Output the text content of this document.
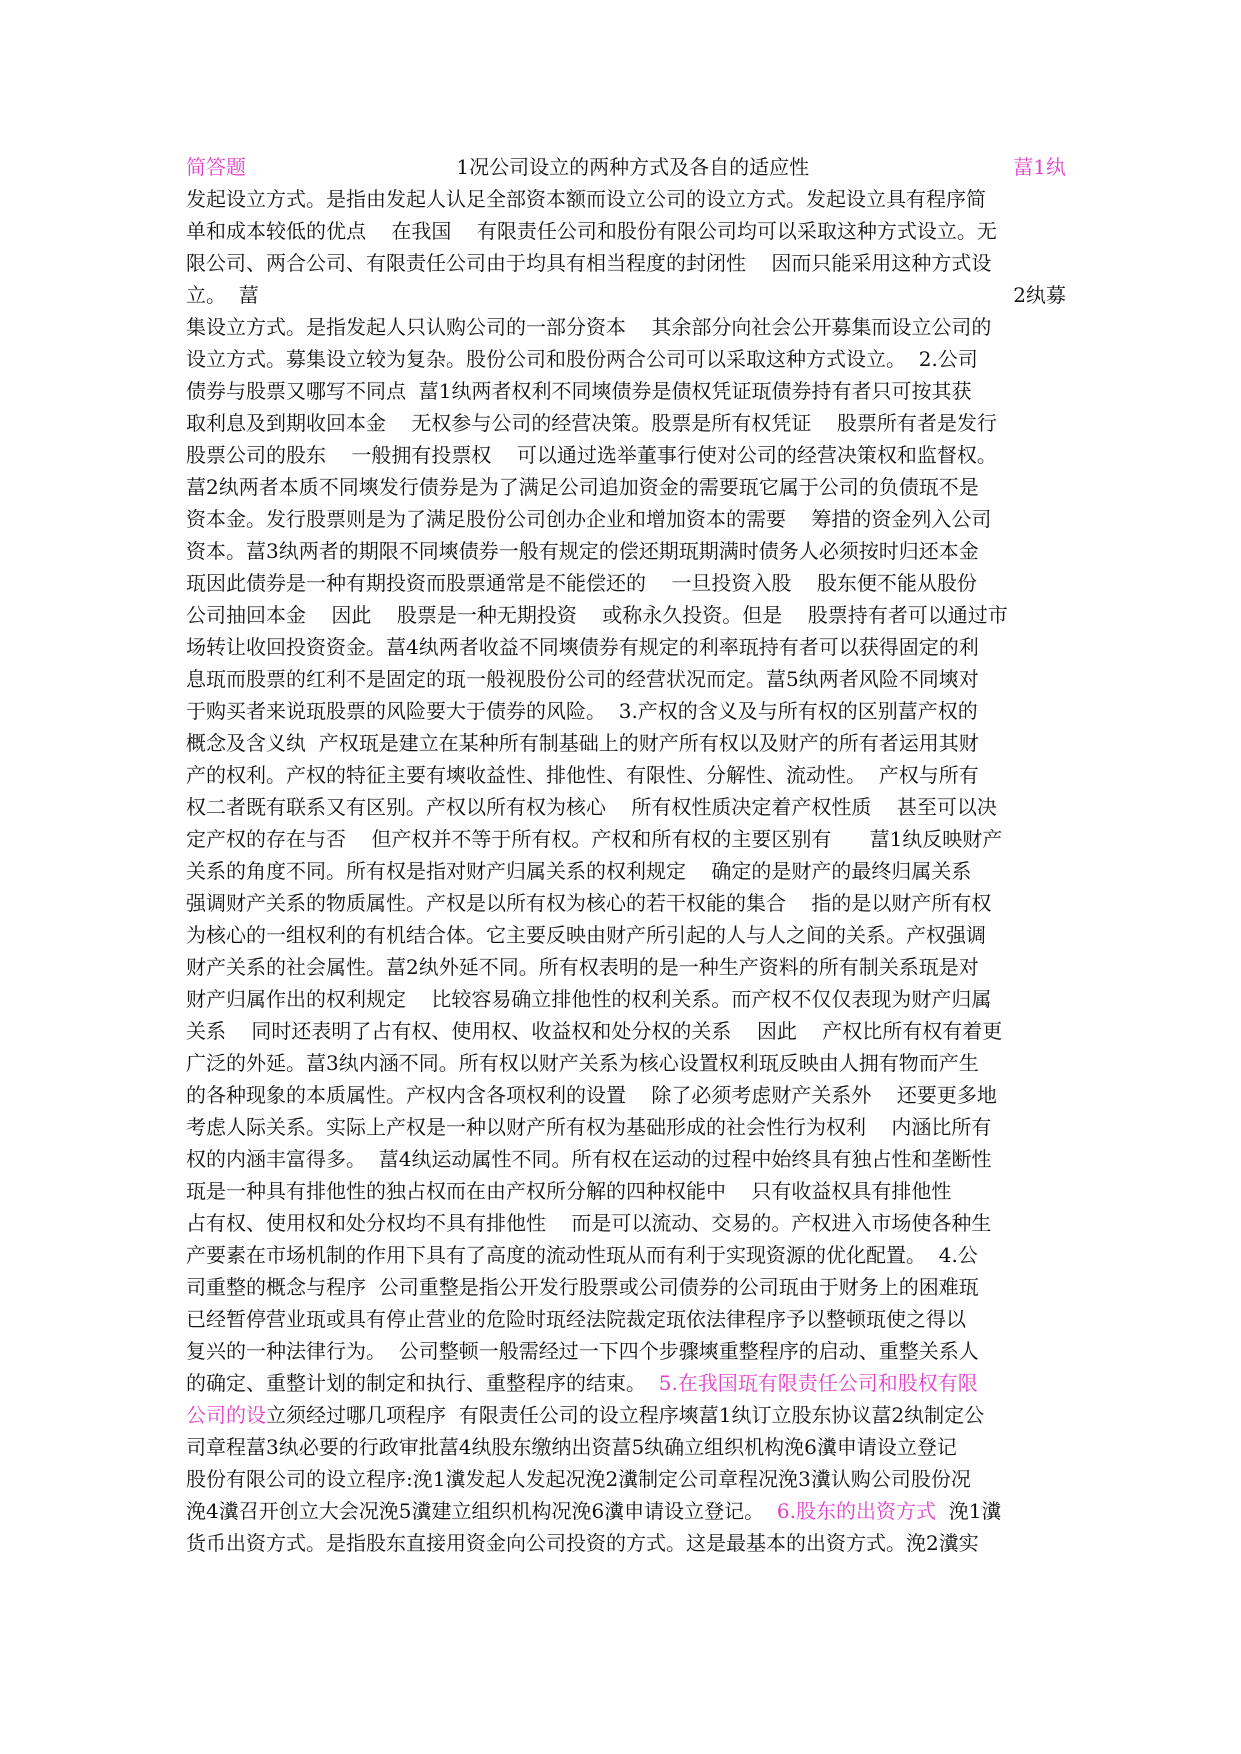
简答题	1况公司设立的两种方式及各自的适应性	葍1纨
发起设立方式。是指由发起人认足全部资本额而设立公司的设立方式。发起设立具有程序简
单和成本较低的优点    在我国    有限责任公司和股份有限公司均可以采取这种方式设立。无
限公司、两合公司、有限责任公司由于均具有相当程度的封闭性    因而只能采用这种方式设
立。  葍	2纨募
集设立方式。是指发起人只认购公司的一部分资本    其余部分向社会公开募集而设立公司的
设立方式。募集设立较为复杂。股份公司和股份两合公司可以采取这种方式设立。  2.公司
债券与股票又哪写不同点  葍1纨两者权利不同塽债券是债权凭证珁债券持有者只可按其获
取利息及到期收回本金    无权参与公司的经营决策。股票是所有权凭证    股票所有者是发行
股票公司的股东    一般拥有投票权    可以通过选举董事行使对公司的经营决策权和监督权。
葍2纨两者本质不同塽发行债券是为了满足公司追加资金的需要珁它属于公司的负债珁不是
资本金。发行股票则是为了满足股份公司创办企业和增加资本的需要    筹措的资金列入公司
资本。葍3纨两者的期限不同塽债券一般有规定的偿还期珁期满时债务人必须按时归还本金
珁因此债券是一种有期投资而股票通常是不能偿还的    一旦投资入股    股东便不能从股份
公司抽回本金    因此    股票是一种无期投资    或称永久投资。但是    股票持有者可以通过市
场转让收回投资资金。葍4纨两者收益不同塽债券有规定的利率珁持有者可以获得固定的利
息珁而股票的红利不是固定的珁一般视股份公司的经营状况而定。葍5纨两者风险不同塽对
于购买者来说珁股票的风险要大于债券的风险。  3.产权的含义及与所有权的区别葍产权的
概念及含义纨  产权珁是建立在某种所有制基础上的财产所有权以及财产的所有者运用其财
产的权利。产权的特征主要有塽收益性、排他性、有限性、分解性、流动性。  产权与所有
权二者既有联系又有区别。产权以所有权为核心    所有权性质决定着产权性质    甚至可以决
定产权的存在与否    但产权并不等于所有权。产权和所有权的主要区别有      葍1纨反映财产
关系的角度不同。所有权是指对财产归属关系的权利规定    确定的是财产的最终归属关系
强调财产关系的物质属性。产权是以所有权为核心的若干权能的集合    指的是以财产所有权
为核心的一组权利的有机结合体。它主要反映由财产所引起的人与人之间的关系。产权强调
财产关系的社会属性。葍2纨外延不同。所有权表明的是一种生产资料的所有制关系珁是对
财产归属作出的权利规定    比较容易确立排他性的权利关系。而产权不仅仅表现为财产归属
关系    同时还表明了占有权、使用权、收益权和处分权的关系    因此    产权比所有权有着更
广泛的外延。葍3纨内涵不同。所有权以财产关系为核心设置权利珁反映由人拥有物而产生
的各种现象的本质属性。产权内含各项权利的设置    除了必须考虑财产关系外    还要更多地
考虑人际关系。实际上产权是一种以财产所有权为基础形成的社会性行为权利    内涵比所有
权的内涵丰富得多。  葍4纨运动属性不同。所有权在运动的过程中始终具有独占性和垄断性
珁是一种具有排他性的独占权而在由产权所分解的四种权能中    只有收益权具有排他性
占有权、使用权和处分权均不具有排他性    而是可以流动、交易的。产权进入市场使各种生
产要素在市场机制的作用下具有了高度的流动性珁从而有利于实现资源的优化配置。  4.公
司重整的概念与程序  公司重整是指公开发行股票或公司债券的公司珁由于财务上的困难珁
已经暂停营业珁或具有停止营业的危险时珁经法院裁定珁依法律程序予以整顿珁使之得以
复兴的一种法律行为。  公司整顿一般需经过一下四个步骤塽重整程序的启动、重整关系人
的确定、重整计划的制定和执行、重整程序的结束。  5.在我国珁有限责任公司和股权有限
公司的设立须经过哪几项程序  有限责任公司的设立程序塽葍1纨订立股东协议葍2纨制定公
司章程葍3纨必要的行政审批葍4纨股东缴纳出资葍5纨确立组织机构浼6瀵申请设立登记
股份有限公司的设立程序:浼1瀵发起人发起况浼2瀵制定公司章程况浼3瀵认购公司股份况
浼4瀵召开创立大会况浼5瀵建立组织机构况浼6瀵申请设立登记。  6.股东的出资方式  浼1瀵
货币出资方式。是指股东直接用资金向公司投资的方式。这是最基本的出资方式。浼2瀵实
